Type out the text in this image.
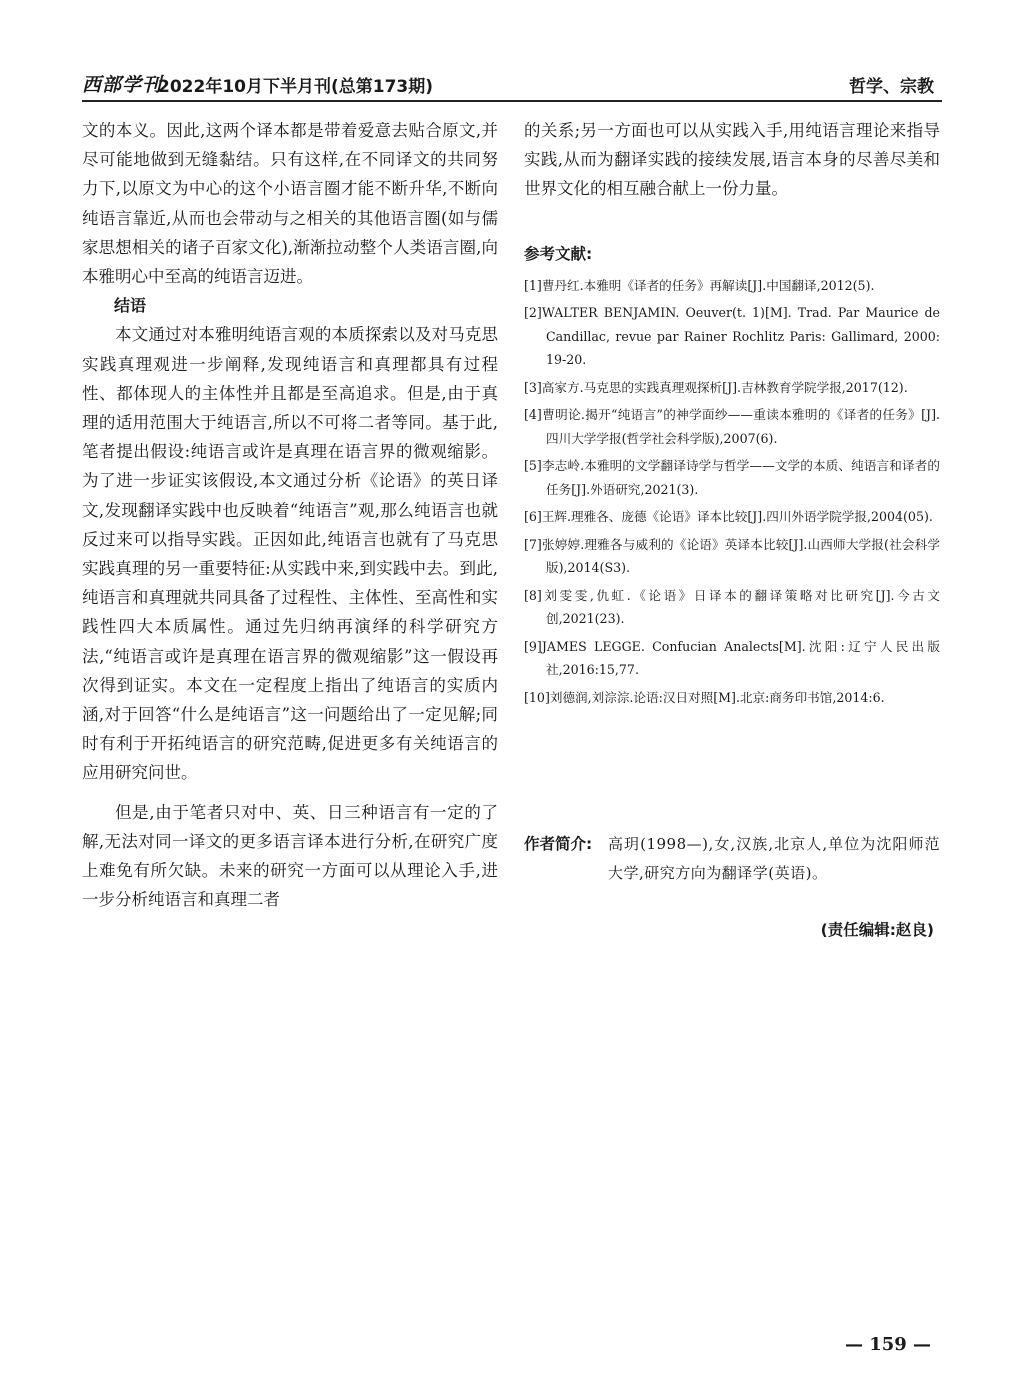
西部学刊
2022年10月下半月刊(总第173期)	哲学、宗教

文的本义。因此,这两个译本都是带着爱意去贴合原文,并尽可能地做到无缝黏结。只有这样,在不同译文的共同努力下,以原文为中心的这个小语言圈才能不断升华,不断向纯语言靠近,从而也会带动与之相关的其他语言圈(如与儒家思想相关的诸子百家文化),渐渐拉动整个人类语言圈,向本雅明心中至高的纯语言迈进。

结语

本文通过对本雅明纯语言观的本质探索以及对马克思实践真理观进一步阐释,发现纯语言和真理都具有过程性、都体现人的主体性并且都是至高追求。但是,由于真理的适用范围大于纯语言,所以不可将二者等同。基于此,笔者提出假设:纯语言或许是真理在语言界的微观缩影。为了进一步证实该假设,本文通过分析《论语》的英日译文,发现翻译实践中也反映着“纯语言”观,那么纯语言也就反过来可以指导实践。正因如此,纯语言也就有了马克思实践真理的另一重要特征:从实践中来,到实践中去。到此,纯语言和真理就共同具备了过程性、主体性、至高性和实践性四大本质属性。通过先归纳再演绎的科学研究方法,“纯语言或许是真理在语言界的微观缩影”这一假设再次得到证实。本文在一定程度上指出了纯语言的实质内涵,对于回答“什么是纯语言”这一问题给出了一定见解;同时有利于开拓纯语言的研究范畴,促进更多有关纯语言的应用研究问世。

但是,由于笔者只对中、英、日三种语言有一定的了解,无法对同一译文的更多语言译本进行分析,在研究广度上难免有所欠缺。未来的研究一方面可以从理论入手,进一步分析纯语言和真理二者

的关系;另一方面也可以从实践入手,用纯语言理论来指导实践,从而为翻译实践的接续发展,语言本身的尽善尽美和世界文化的相互融合献上一份力量。

参考文献:

[1]曹丹红.本雅明《译者的任务》再解读[J].中国翻译,2012(5).

[2]WALTER BENJAMIN. Oeuver(t. 1)[M]. Trad. Par Maurice de Candillac, revue par Rainer Rochlitz Paris: Gallimard, 2000: 19-20.

[3]高家方.马克思的实践真理观探析[J].吉林教育学院学报,2017(12).

[4]曹明论.揭开“纯语言”的神学面纱——重读本雅明的《译者的任务》[J].四川大学学报(哲学社会科学版),2007(6).

[5]李志岭.本雅明的文学翻译诗学与哲学——文学的本质、纯语言和译者的任务[J].外语研究,2021(3).

[6]王辉.理雅各、庞德《论语》译本比较[J].四川外语学院学报,2004(05).

[7]张婷婷.理雅各与威利的《论语》英译本比较[J].山西师大学报(社会科学版),2014(S3).

[8]刘雯雯,仇虹.《论语》日译本的翻译策略对比研究[J].今古文创,2021(23).

[9]JAMES LEGGE. Confucian Analects[M].沈阳:辽宁人民出版社,2016:15,77.

[10]刘德润,刘淙淙.论语:汉日对照[M].北京:商务印书馆,2014:6.

作者简介: 高玥(1998—),女,汉族,北京人,单位为沈阳师范大学,研究方向为翻译学(英语)。
(责任编辑:赵良)
— 159 —
